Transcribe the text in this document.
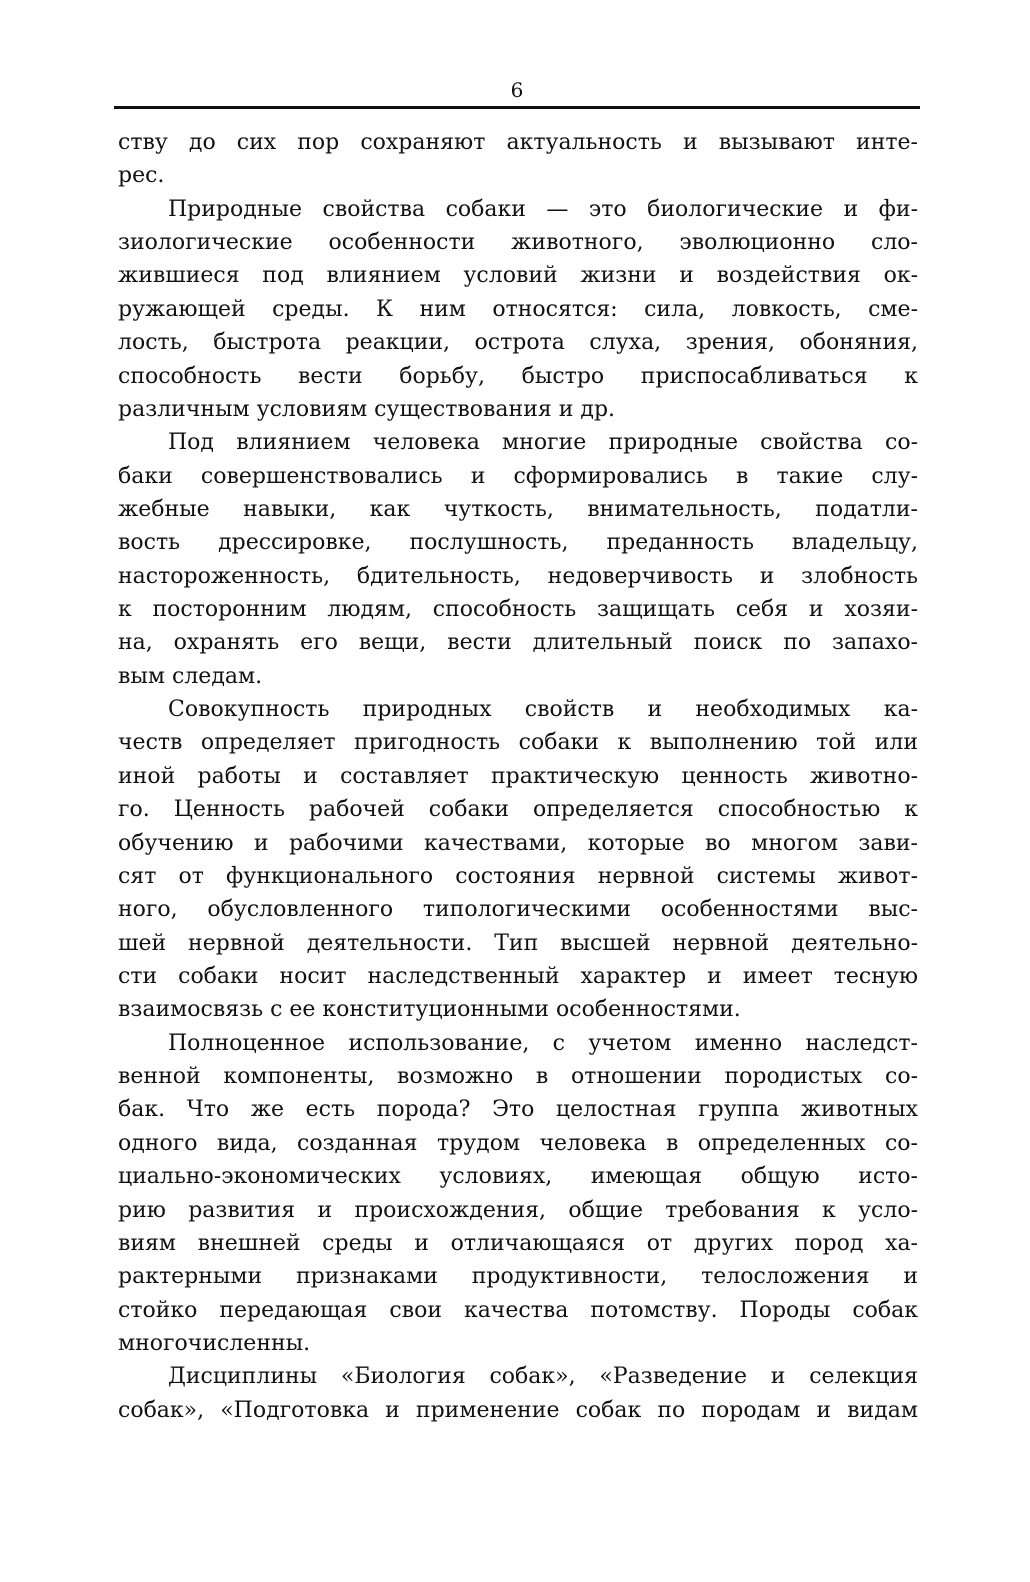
6
ству до сих пор сохраняют актуальность и вызывают инте-
рес.
Природные свойства собаки — это биологические и фи-
зиологические особенности животного, эволюционно сло-
жившиеся под влиянием условий жизни и воздействия ок-
ружающей среды. К ним относятся: сила, ловкость, сме-
лость, быстрота реакции, острота слуха, зрения, обоняния,
способность вести борьбу, быстро приспосабливаться к
различным условиям существования и др.
Под влиянием человека многие природные свойства со-
баки совершенствовались и сформировались в такие слу-
жебные навыки, как чуткость, внимательность, податли-
вость дрессировке, послушность, преданность владельцу,
настороженность, бдительность, недоверчивость и злобность
к посторонним людям, способность защищать себя и хозяи-
на, охранять его вещи, вести длительный поиск по запахо-
вым следам.
Совокупность природных свойств и необходимых ка-
честв определяет пригодность собаки к выполнению той или
иной работы и составляет практическую ценность животно-
го. Ценность рабочей собаки определяется способностью к
обучению и рабочими качествами, которые во многом зави-
сят от функционального состояния нервной системы живот-
ного, обусловленного типологическими особенностями выс-
шей нервной деятельности. Тип высшей нервной деятельно-
сти собаки носит наследственный характер и имеет тесную
взаимосвязь с ее конституционными особенностями.
Полноценное использование, с учетом именно наследст-
венной компоненты, возможно в отношении породистых со-
бак. Что же есть порода? Это целостная группа животных
одного вида, созданная трудом человека в определенных со-
циально-экономических условиях, имеющая общую исто-
рию развития и происхождения, общие требования к усло-
виям внешней среды и отличающаяся от других пород ха-
рактерными признаками продуктивности, телосложения и
стойко передающая свои качества потомству. Породы собак
многочисленны.
Дисциплины «Биология собак», «Разведение и селекция
собак», «Подготовка и применение собак по породам и видам
